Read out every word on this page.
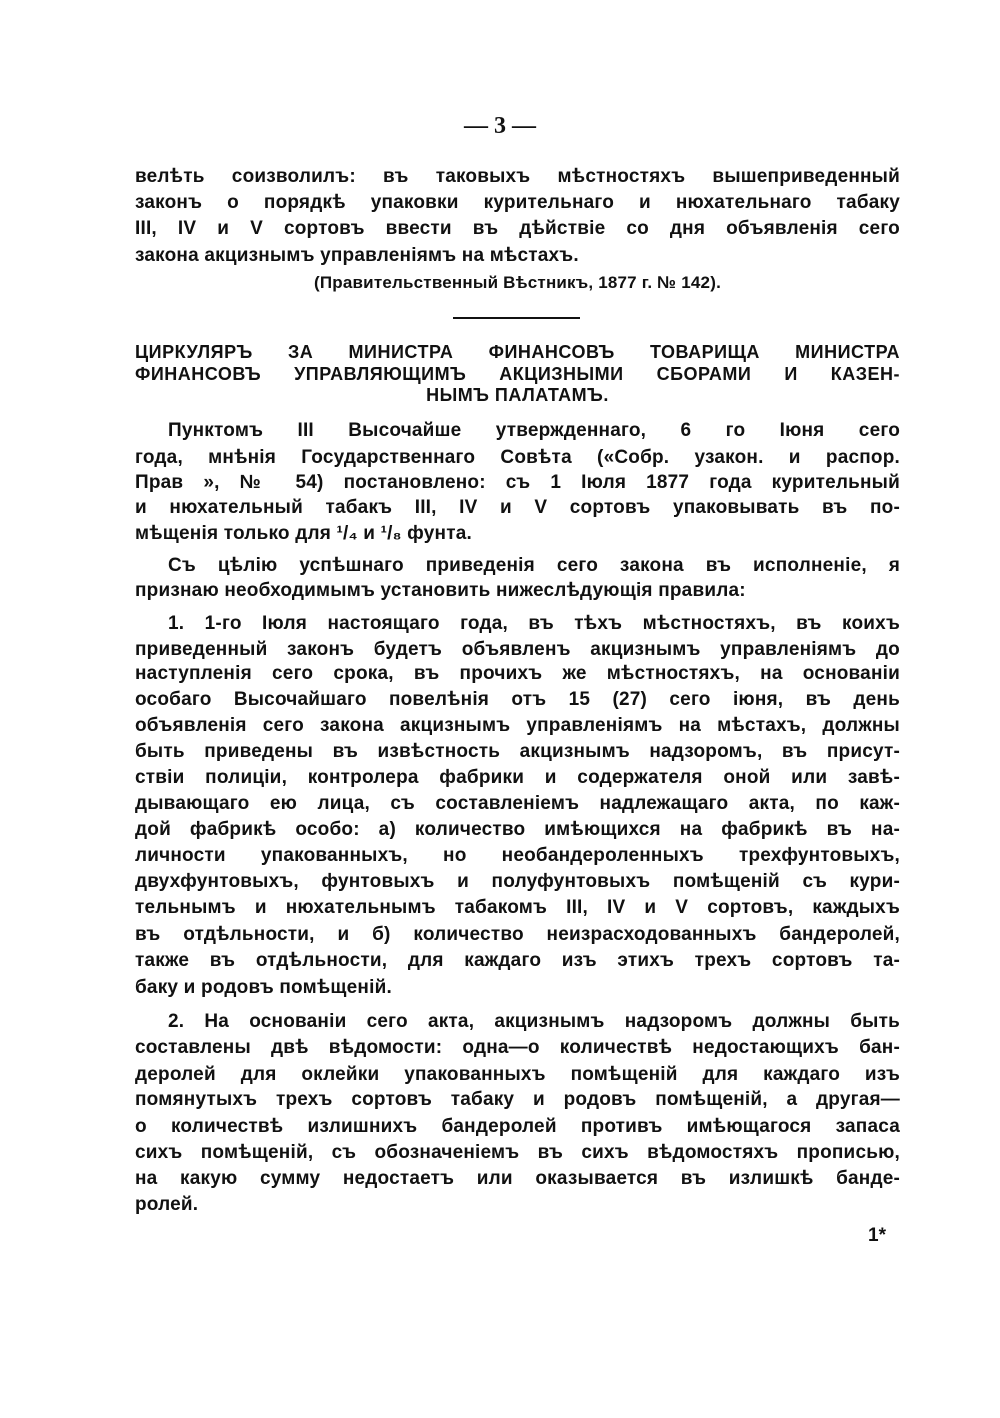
— 3 —
1*
велѣть соизволилъ: въ таковыхъ мѣстностяхъ вышеприведенный
законъ о порядкѣ упаковки курительнаго и нюхательнаго табаку
III, IV и V сортовъ ввести въ дѣйствіе со дня объявленія сего
закона акцизнымъ управленіямъ на мѣстахъ.
(Правительственный Вѣстникъ, 1877 г. № 142).
ЦИРКУЛЯРЪ ЗА МИНИСТРА ФИНАНСОВЪ ТОВАРИЩА МИНИСТРА
ФИНАНСОВЪ УПРАВЛЯЮЩИМЪ АКЦИЗНЫМИ СБОРАМИ И КАЗЕН-
НЫМЪ ПАЛАТАМЪ.
Пунктомъ III Высочайше утвержденнаго, 6 го Іюня сего
года, мнѣнія Государственнаго Совѣта («Собр. узакон. и распор.
Прав », № 54) постановлено: съ 1 Іюля 1877 года курительный
и нюхательный табакъ III, IV и V сортовъ упаковывать въ по-
мѣщенія только для ¹/₄ и ¹/₈ фунта.
Съ цѣлію успѣшнаго приведенія сего закона въ исполненіе, я
признаю необходимымъ установить нижеслѣдующія правила:
1. 1-го Іюля настоящаго года, въ тѣхъ мѣстностяхъ, въ коихъ
приведенный законъ будетъ объявленъ акцизнымъ управленіямъ до
наступленія сего срока, въ прочихъ же мѣстностяхъ, на основаніи
особаго Высочайшаго повелѣнія отъ 15 (27) сего іюня, въ день
объявленія сего закона акцизнымъ управленіямъ на мѣстахъ, должны
быть приведены въ извѣстность акцизнымъ надзоромъ, въ присут-
ствіи полиціи, контролера фабрики и содержателя оной или завѣ-
дывающаго ею лица, съ составленіемъ надлежащаго акта, по каж-
дой фабрикѣ особо: а) количество имѣющихся на фабрикѣ въ на-
личности упакованныхъ, но необандероленныхъ трехфунтовыхъ,
двухфунтовыхъ, фунтовыхъ и полуфунтовыхъ помѣщеній съ кури-
тельнымъ и нюхательнымъ табакомъ III, IV и V сортовъ, каждыхъ
въ отдѣльности, и б) количество неизрасходованныхъ бандеролей,
также въ отдѣльности, для каждаго изъ этихъ трехъ сортовъ та-
баку и родовъ помѣщеній.
2. На основаніи сего акта, акцизнымъ надзоромъ должны быть
составлены двѣ вѣдомости: одна—о количествѣ недостающихъ бан-
деролей для оклейки упакованныхъ помѣщеній для каждаго изъ
помянутыхъ трехъ сортовъ табаку и родовъ помѣщеній, а другая—
о количествѣ излишнихъ бандеролей противъ имѣющагося запаса
сихъ помѣщеній, съ обозначеніемъ въ сихъ вѣдомостяхъ прописью,
на какую сумму недостаетъ или оказывается въ излишкѣ банде-
ролей.
